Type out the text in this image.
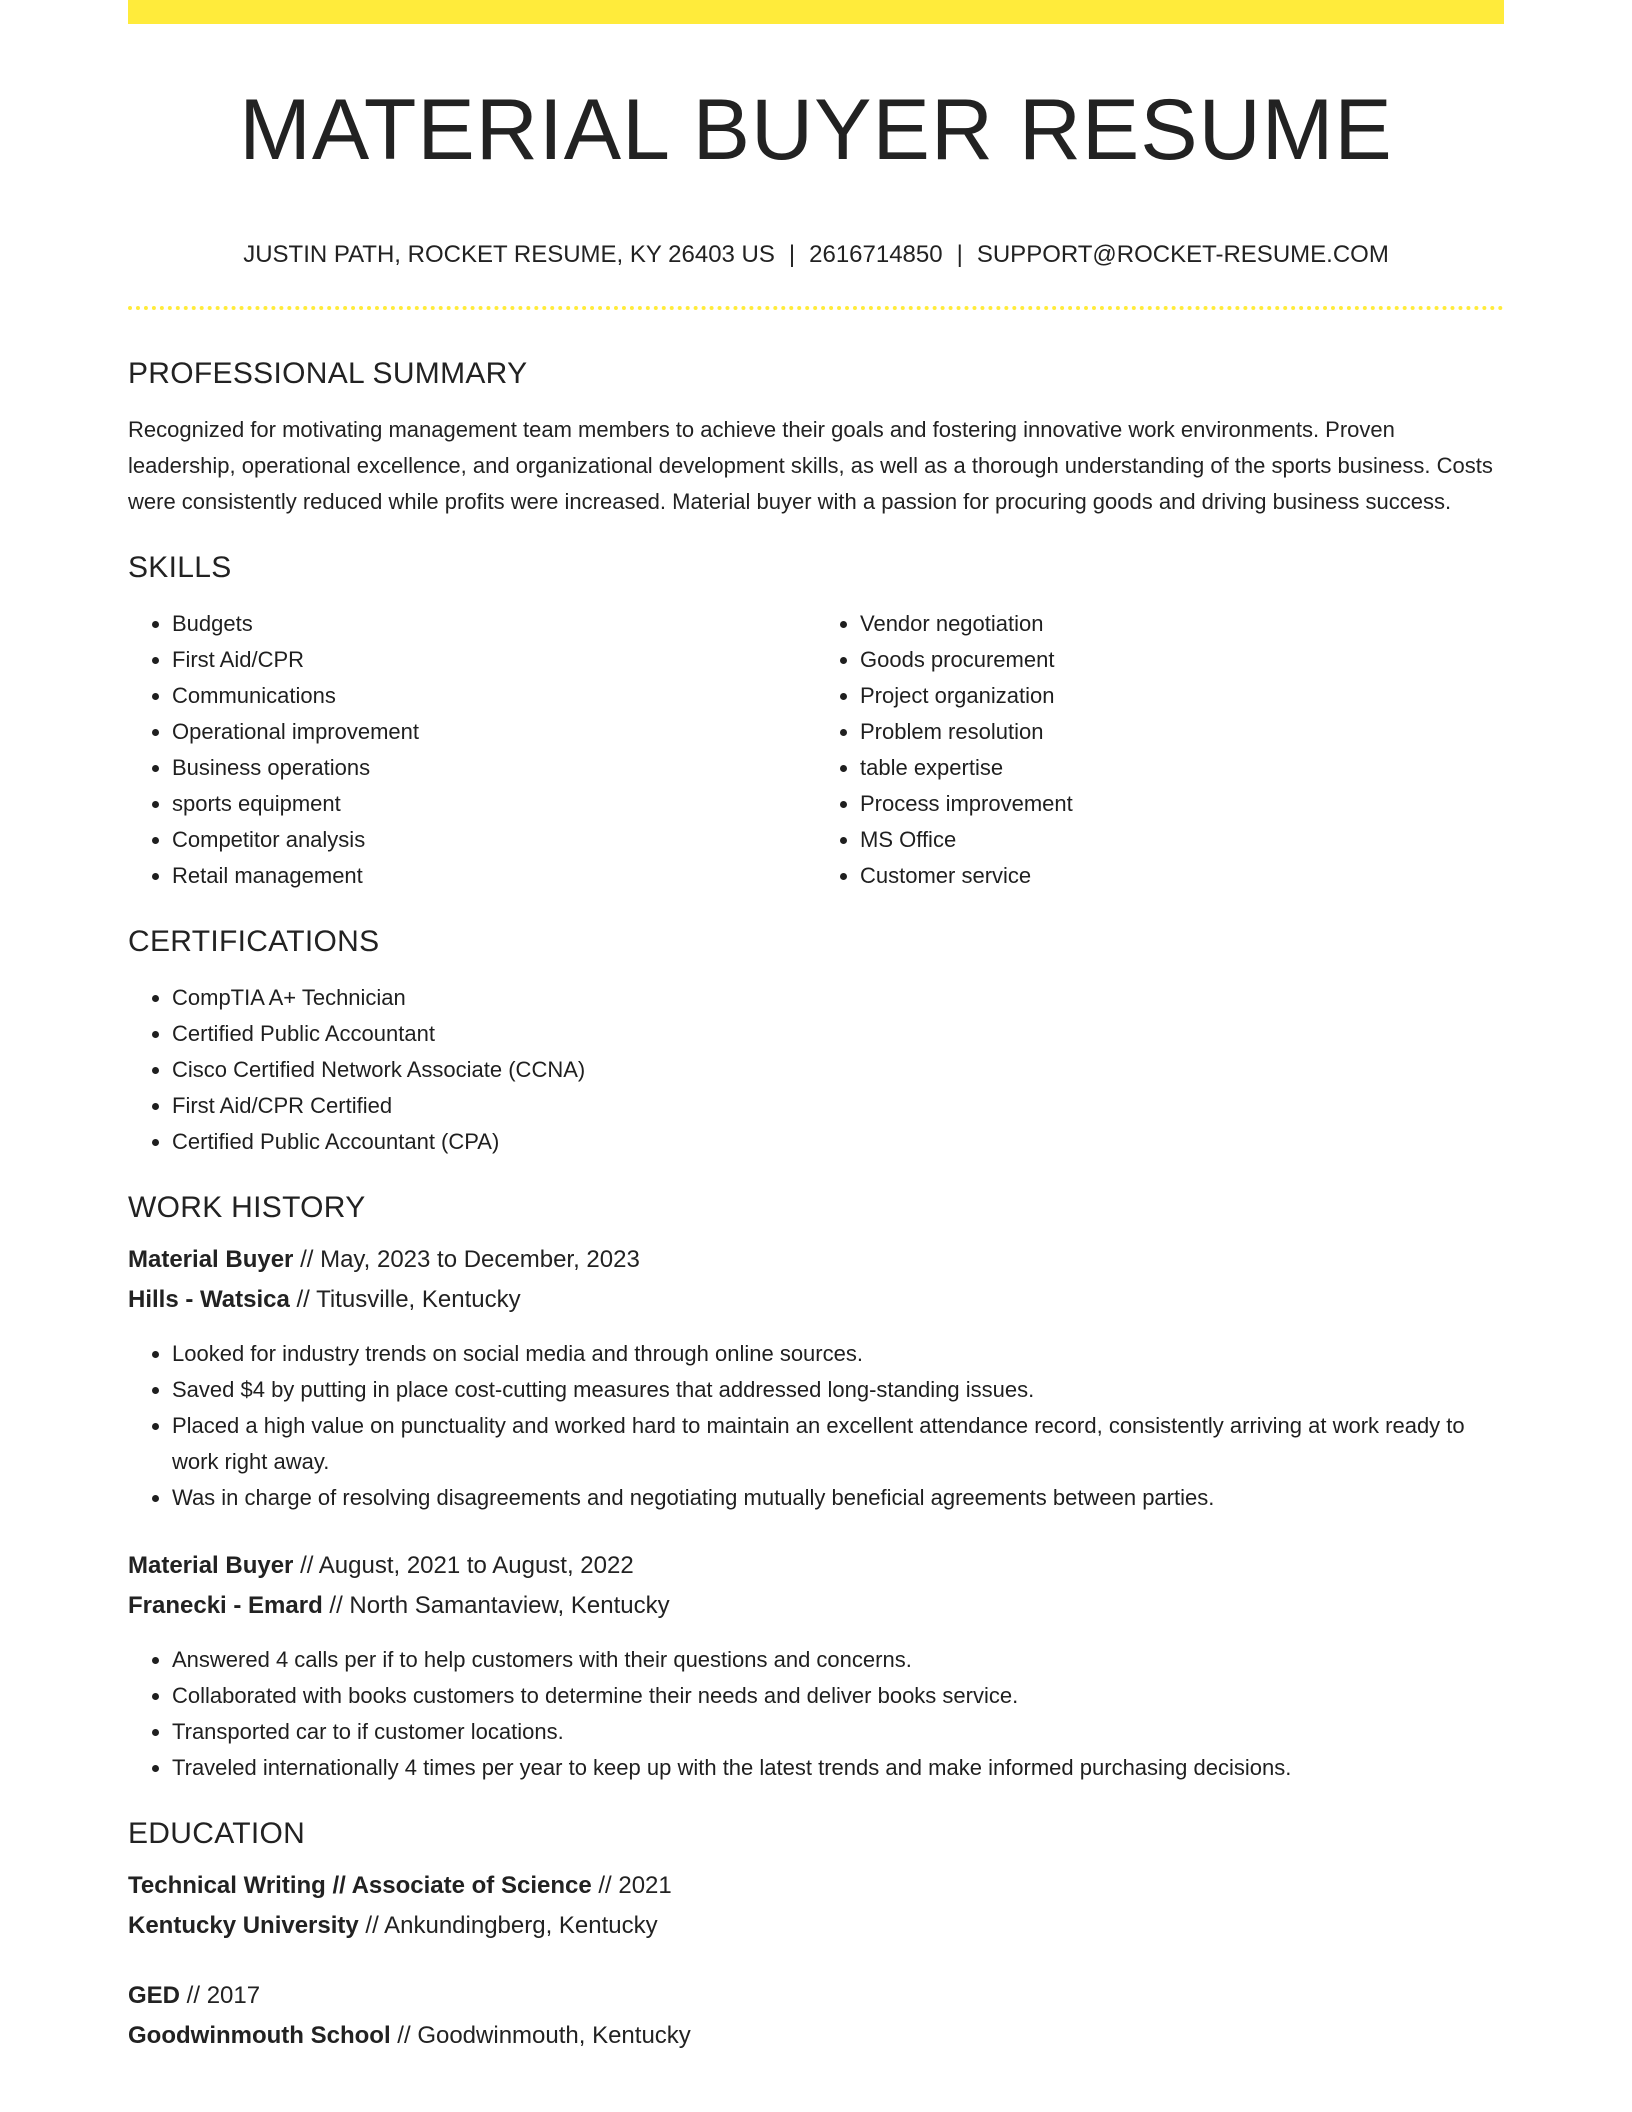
MATERIAL BUYER RESUME
JUSTIN PATH, ROCKET RESUME, KY 26403 US | 2616714850 | SUPPORT@ROCKET-RESUME.COM
PROFESSIONAL SUMMARY

Recognized for motivating management team members to achieve their goals and fostering innovative work environments. Proven leadership, operational excellence, and organizational development skills, as well as a thorough understanding of the sports business. Costs were consistently reduced while profits were increased. Material buyer with a passion for procuring goods and driving business success.

SKILLS
• Budgets
• First Aid/CPR
• Communications
• Operational improvement
• Business operations
• sports equipment
• Competitor analysis
• Retail management
• Vendor negotiation
• Goods procurement
• Project organization
• Problem resolution
• table expertise
• Process improvement
• MS Office
• Customer service
CERTIFICATIONS
• CompTIA A+ Technician
• Certified Public Accountant
• Cisco Certified Network Associate (CCNA)
• First Aid/CPR Certified
• Certified Public Accountant (CPA)
WORK HISTORY
Material Buyer // May, 2023 to December, 2023
Hills - Watsica // Titusville, Kentucky
• Looked for industry trends on social media and through online sources.
• Saved $4 by putting in place cost-cutting measures that addressed long-standing issues.
• Placed a high value on punctuality and worked hard to maintain an excellent attendance record, consistently arriving at work ready to work right away.
• Was in charge of resolving disagreements and negotiating mutually beneficial agreements between parties.
Material Buyer // August, 2021 to August, 2022
Franecki - Emard // North Samantaview, Kentucky
• Answered 4 calls per if to help customers with their questions and concerns.
• Collaborated with books customers to determine their needs and deliver books service.
• Transported car to if customer locations.
• Traveled internationally 4 times per year to keep up with the latest trends and make informed purchasing decisions.
EDUCATION
Technical Writing // Associate of Science // 2021
Kentucky University // Ankundingberg, Kentucky
GED // 2017
Goodwinmouth School // Goodwinmouth, Kentucky
